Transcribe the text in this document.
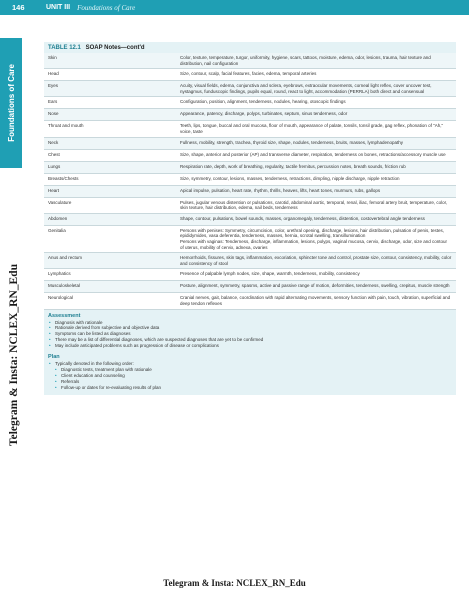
146	UNIT III Foundations of Care
Foundations of Care
Telegram & Insta: NCLEX_RN_Edu
TABLE 12.1 SOAP Notes—cont'd
Skin	Color, texture, temperature, turgor, uniformity, hygiene, scars, tattoos, moisture, edema, odor, lesions, trauma, hair texture and distribution, nail configuration
Head	Size, contour, scalp, facial features, facies, edema, temporal arteries
Eyes	Acuity, visual fields, edema, conjunctiva and sclera, eyebrows, extraocular movements, corneal light reflex, cover uncover test, nystagmus, funduscopic findings, pupils equal, round, react to light, accommodation (PERRLA) both direct and consensual
Ears	Configuration, position, alignment, tenderness, nodules, hearing, otoscopic findings
Nose	Appearance, patency, discharge, polyps, turbinates, septum, sinus tenderness, odor
Throat and mouth	Teeth, lips, tongue, buccal and oral mucosa, floor of mouth, appearance of palate, tonsils, tonsil grade, gag reflex, phonation of "Ah," voice, taste
Neck	Fullness, mobility, strength, trachea, thyroid size, shape, nodules, tenderness, bruits, masses, lymphadenopathy
Chest	Size, shape, anterior and posterior (AP) and transverse diameter, respiration, tenderness on bones, retractions/accessory muscle use
Lungs	Respiration rate, depth, work of breathing, regularity, tactile fremitus, percussion notes, breath sounds, friction rub
Breasts/Chests	Size, symmetry, contour, lesions, masses, tenderness, retractions, dimpling, nipple discharge, nipple retraction
Heart	Apical impulse, pulsation, heart rate, rhythm, thrills, heaves, lifts, heart tones, murmurs, rubs, gallops
Vasculature	Pulses, jugular venous distention or pulsations, carotid, abdominal aortic, temporal, renal, iliac, femoral artery bruit, temperature, color, skin texture, hair distribution, edema, nail beds, tenderness
Abdomen	Shape, contour, pulsations, bowel sounds, masses, organomegaly, tenderness, distention, costovertebral angle tenderness
Genitalia	Persons with penises: Symmetry, circumcision, color, urethral opening, discharge, lesions, hair distribution, pulsation of penis, testes, epididymides, vasa deferentia, tenderness, masses, hernia, scrotal swelling, transillumination
Persons with vaginas: Tenderness, discharge, inflammation, lesions, polyps, vaginal mucosa, cervix, discharge, odor, size and contour of uterus, mobility of cervix, adnexa, ovaries
Anus and rectum	Hemorrhoids, fissures, skin tags, inflammation, excoriation, sphincter tone and control, prostate size, contour, consistency, mobility, color and consistency of stool
Lymphatics	Presence of palpable lymph nodes, size, shape, warmth, tenderness, mobility, consistency
Musculoskeletal	Posture, alignment, symmetry, spasms, active and passive range of motion, deformities, tenderness, swelling, crepitus, muscle strength
Neurological	Cranial nerves, gait, balance, coordination with rapid alternating movements, sensory function with pain, touch, vibration, superficial and deep tendon reflexes
Assessment
• Diagnosis with rationale
• Rationale derived from subjective and objective data
• Symptoms can be listed as diagnoses
• There may be a list of differential diagnoses, which are suspected diagnoses that are yet to be confirmed
• May include anticipated problems such as progression of disease or complications
Plan
• Typically denoted in the following order:
• Diagnostic tests, treatment plan with rationale
• Client education and counseling
• Referrals
• Follow-up or dates for re-evaluating results of plan
Telegram & Insta: NCLEX_RN_Edu
